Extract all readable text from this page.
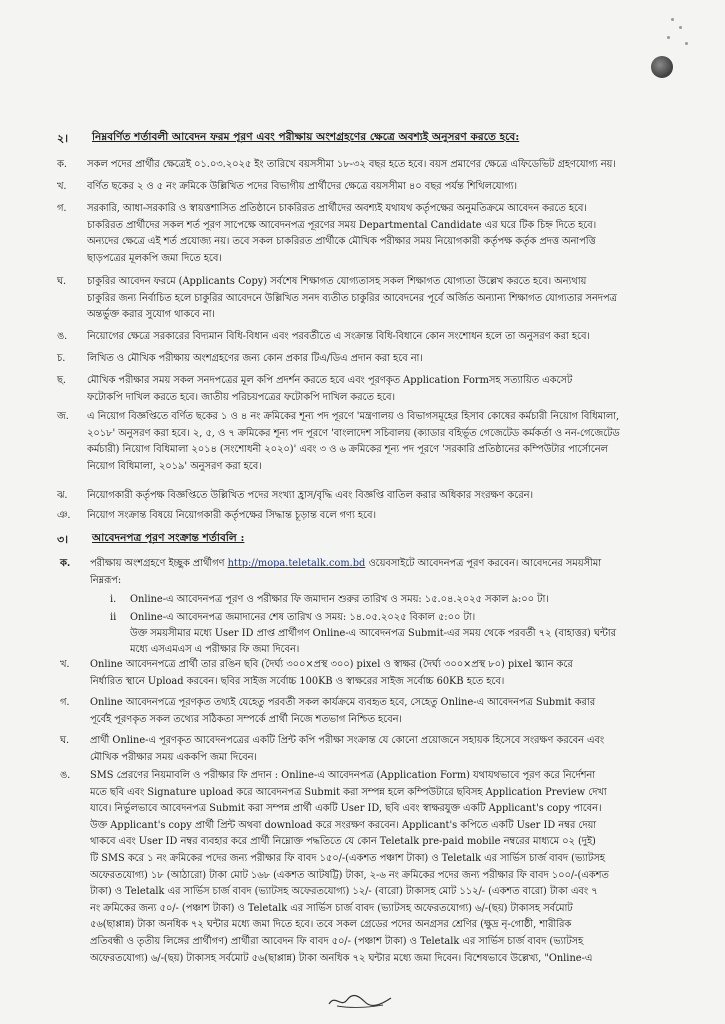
২। নিম্নবর্ণিত শর্তাবলী আবেদন ফরম পূরণ এবং পরীক্ষায় অংশগ্রহণের ক্ষেত্রে অবশ্যই অনুসরণ করতে হবে:
ক.	সকল পদের প্রার্থীর ক্ষেত্রেই ০১.০৩.২০২৫ ইং তারিখে বয়সসীমা ১৮-৩২ বছর হতে হবে। বয়স প্রমাণের ক্ষেত্রে এফিডেভিট গ্রহণযোগ্য নয়।
খ.	বর্ণিত ছকের ২ ও ৫ নং ক্রমিকে উল্লিখিত পদের বিভাগীয় প্রার্থীদের ক্ষেত্রে বয়সসীমা ৪০ বছর পর্যন্ত শিথিলযোগ্য।
গ.	সরকারি, আধা-সরকারি ও স্বায়ত্তশাসিত প্রতিষ্ঠানে চাকরিরত প্রার্থীদের অবশ্যই যথাযথ কর্তৃপক্ষের অনুমতিক্রমে আবেদন করতে হবে।
চাকরিরত প্রার্থীদের সকল শর্ত পূরণ সাপেক্ষে আবেদনপত্র পূরণের সময় Departmental Candidate এর ঘরে টিক চিহ্ন দিতে হবে।
অন্যদের ক্ষেত্রে এই শর্ত প্রযোজ্য নয়। তবে সকল চাকরিরত প্রার্থীকে মৌখিক পরীক্ষার সময় নিয়োগকারী কর্তৃপক্ষ কর্তৃক প্রদত্ত অনাপত্তি
ছাড়পত্রের মূলকপি জমা দিতে হবে।
ঘ.	চাকুরির আবেদন ফরমে (Applicants Copy) সর্বশেষ শিক্ষাগত যোগ্যতাসহ সকল শিক্ষাগত যোগ্যতা উল্লেখ করতে হবে। অন্যথায়
চাকুরির জন্য নির্বাচিত হলে চাকুরির আবেদনে উল্লিখিত সনদ ব্যতীত চাকুরির আবেদনের পূর্বে অর্জিত অন্যান্য শিক্ষাগত যোগ্যতার সনদপত্র
অন্তর্ভুক্ত করার সুযোগ থাকবে না।
ঙ.	নিয়োগের ক্ষেত্রে সরকারের বিদ্যমান বিধি-বিধান এবং পরবর্তীতে এ সংক্রান্ত বিধি-বিধানে কোন সংশোধন হলে তা অনুসরণ করা হবে।
চ.	লিখিত ও মৌখিক পরীক্ষায় অংশগ্রহণের জন্য কোন প্রকার টিএ/ডিএ প্রদান করা হবে না।
ছ.	মৌখিক পরীক্ষার সময় সকল সনদপত্রের মূল কপি প্রদর্শন করতে হবে এবং পূরণকৃত Application Formসহ সত্যায়িত একসেট
ফটোকপি দাখিল করতে হবে। জাতীয় পরিচয়পত্রের ফটোকপি দাখিল করতে হবে।
জ.	এ নিয়োগ বিজ্ঞপ্তিতে বর্ণিত ছকের ১ ও ৪ নং ক্রমিকের শূন্য পদ পূরণে 'মন্ত্রণালয় ও বিভাগসমূহের হিসাব কোষের কর্মচারী নিয়োগ বিধিমালা,
২০১৮' অনুসরণ করা হবে। ২, ৫, ও ৭ ক্রমিকের শূন্য পদ পূরণে 'বাংলাদেশ সচিবালয় (ক্যাডার বহির্ভূত গেজেটেড কর্মকর্তা ও নন-গেজেটেড
কর্মচারী) নিয়োগ বিধিমালা ২০১৪ (সংশোধনী ২০২০)' এবং ৩ ও ৬ ক্রমিকের শূন্য পদ পূরণে 'সরকারি প্রতিষ্ঠানের কম্পিউটার পার্সোনেল
নিয়োগ বিধিমালা, ২০১৯' অনুসরণ করা হবে।
ঝ.	নিয়োগকারী কর্তৃপক্ষ বিজ্ঞপ্তিতে উল্লিখিত পদের সংখ্যা হ্রাস/বৃদ্ধি এবং বিজ্ঞপ্তি বাতিল করার অধিকার সংরক্ষণ করেন।
ঞ.	নিয়োগ সংক্রান্ত বিষয়ে নিয়োগকারী কর্তৃপক্ষের সিদ্ধান্ত চূড়ান্ত বলে গণ্য হবে।
৩। আবেদনপত্র পূরণ সংক্রান্ত শর্তাবলি :
ক.	পরীক্ষায় অংশগ্রহণে ইচ্ছুক প্রার্থীগণ http://mopa.teletalk.com.bd ওয়েবসাইটে আবেদনপত্র পূরণ করবেন। আবেদনের সময়সীমা
নিম্নরূপ:
i. Online-এ আবেদনপত্র পূরণ ও পরীক্ষার ফি জমাদান শুরুর তারিখ ও সময়: ১৫.০৪.২০২৫ সকাল ৯:০০ টা।
ii Online-এ আবেদনপত্র জমাদানের শেষ তারিখ ও সময়: ১৪.০৫.২০২৫ বিকাল ৫:০০ টা।
উক্ত সময়সীমার মধ্যে User ID প্রাপ্ত প্রার্থীগণ Online-এ আবেদনপত্র Submit-এর সময় থেকে পরবর্তী ৭২ (বাহাত্তর) ঘন্টার
মধ্যে এসএমএস এ পরীক্ষার ফি জমা দিবেন।
খ.	Online আবেদনপত্রে প্রার্থী তার রঙিন ছবি (দৈর্ঘ্য ৩০০×প্রস্থ ৩০০) pixel ও স্বাক্ষর (দৈর্ঘ্য ৩০০×প্রস্থ ৮০) pixel স্ক্যান করে
নির্ধারিত স্থানে Upload করবেন। ছবির সাইজ সর্বোচ্চ 100KB ও স্বাক্ষরের সাইজ সর্বোচ্চ 60KB হতে হবে।
গ.	Online আবেদনপত্রে পূরণকৃত তথ্যই যেহেতু পরবর্তী সকল কার্যক্রমে ব্যবহৃত হবে, সেহেতু Online-এ আবেদনপত্র Submit করার
পূর্বেই পূরণকৃত সকল তথ্যের সঠিকতা সম্পর্কে প্রার্থী নিজে শতভাগ নিশ্চিত হবেন।
ঘ.	প্রার্থী Online-এ পূরণকৃত আবেদনপত্রের একটি প্রিন্ট কপি পরীক্ষা সংক্রান্ত যে কোনো প্রয়োজনে সহায়ক হিসেবে সংরক্ষণ করবেন এবং
মৌখিক পরীক্ষার সময় এককপি জমা দিবেন।
ঙ.	SMS প্রেরণের নিয়মাবলি ও পরীক্ষার ফি প্রদান : Online-এ আবেদনপত্র (Application Form) যথাযথভাবে পূরণ করে নির্দেশনা
মতে ছবি এবং Signature upload করে আবেদনপত্র Submit করা সম্পন্ন হলে কম্পিউটারে ছবিসহ Application Preview দেখা
যাবে। নির্ভুলভাবে আবেদনপত্র Submit করা সম্পন্ন প্রার্থী একটি User ID, ছবি এবং স্বাক্ষরযুক্ত একটি Applicant's copy পাবেন।
উক্ত Applicant's copy প্রার্থী প্রিন্ট অথবা download করে সংরক্ষণ করবেন। Applicant's কপিতে একটি User ID নম্বর দেয়া
থাকবে এবং User ID নম্বর ব্যবহার করে প্রার্থী নিম্নোক্ত পদ্ধতিতে যে কোন Teletalk pre-paid mobile নম্বরের মাধ্যমে ০২ (দুই)
টি SMS করে ১ নং ক্রমিকের পদের জন্য পরীক্ষার ফি বাবদ ১৫০/-(একশত পঞ্চাশ টাকা) ও Teletalk এর সার্ভিস চার্জ বাবদ (ভ্যাটসহ
অফেরতযোগ্য) ১৮ (আঠারো) টাকা মোট ১৬৮ (একশত আটষট্টি) টাকা, ২-৬ নং ক্রমিকের পদের জন্য পরীক্ষার ফি বাবদ ১০০/-(একশত
টাকা) ও Teletalk এর সার্ভিস চার্জ বাবদ (ভ্যাটসহ অফেরতযোগ্য) ১২/- (বারো) টাকাসহ মোট ১১২/- (একশত বারো) টাকা এবং ৭
নং ক্রমিকের জন্য ৫০/- (পঞ্চাশ টাকা) ও Teletalk এর সার্ভিস চার্জ বাবদ (ভ্যাটসহ অফেরতযোগ্য) ৬/-(ছয়) টাকাসহ সর্বমোট
৫৬(ছাপ্পান্ন) টাকা অনধিক ৭২ ঘন্টার মধ্যে জমা দিতে হবে। তবে সকল গ্রেডের পদের অনগ্রসর শ্রেণির (ক্ষুদ্র নৃ-গোষ্ঠী, শারীরিক
প্রতিবন্ধী ও তৃতীয় লিঙ্গের প্রার্থীগণ) প্রার্থীরা আবেদন ফি বাবদ ৫০/- (পঞ্চাশ টাকা) ও Teletalk এর সার্ভিস চার্জ বাবদ (ভ্যাটসহ
অফেরতযোগ্য) ৬/-(ছয়) টাকাসহ সর্বমোট ৫৬(ছাপ্পান্ন) টাকা অনধিক ৭২ ঘন্টার মধ্যে জমা দিবেন। বিশেষভাবে উল্লেখ্য, "Online-এ
